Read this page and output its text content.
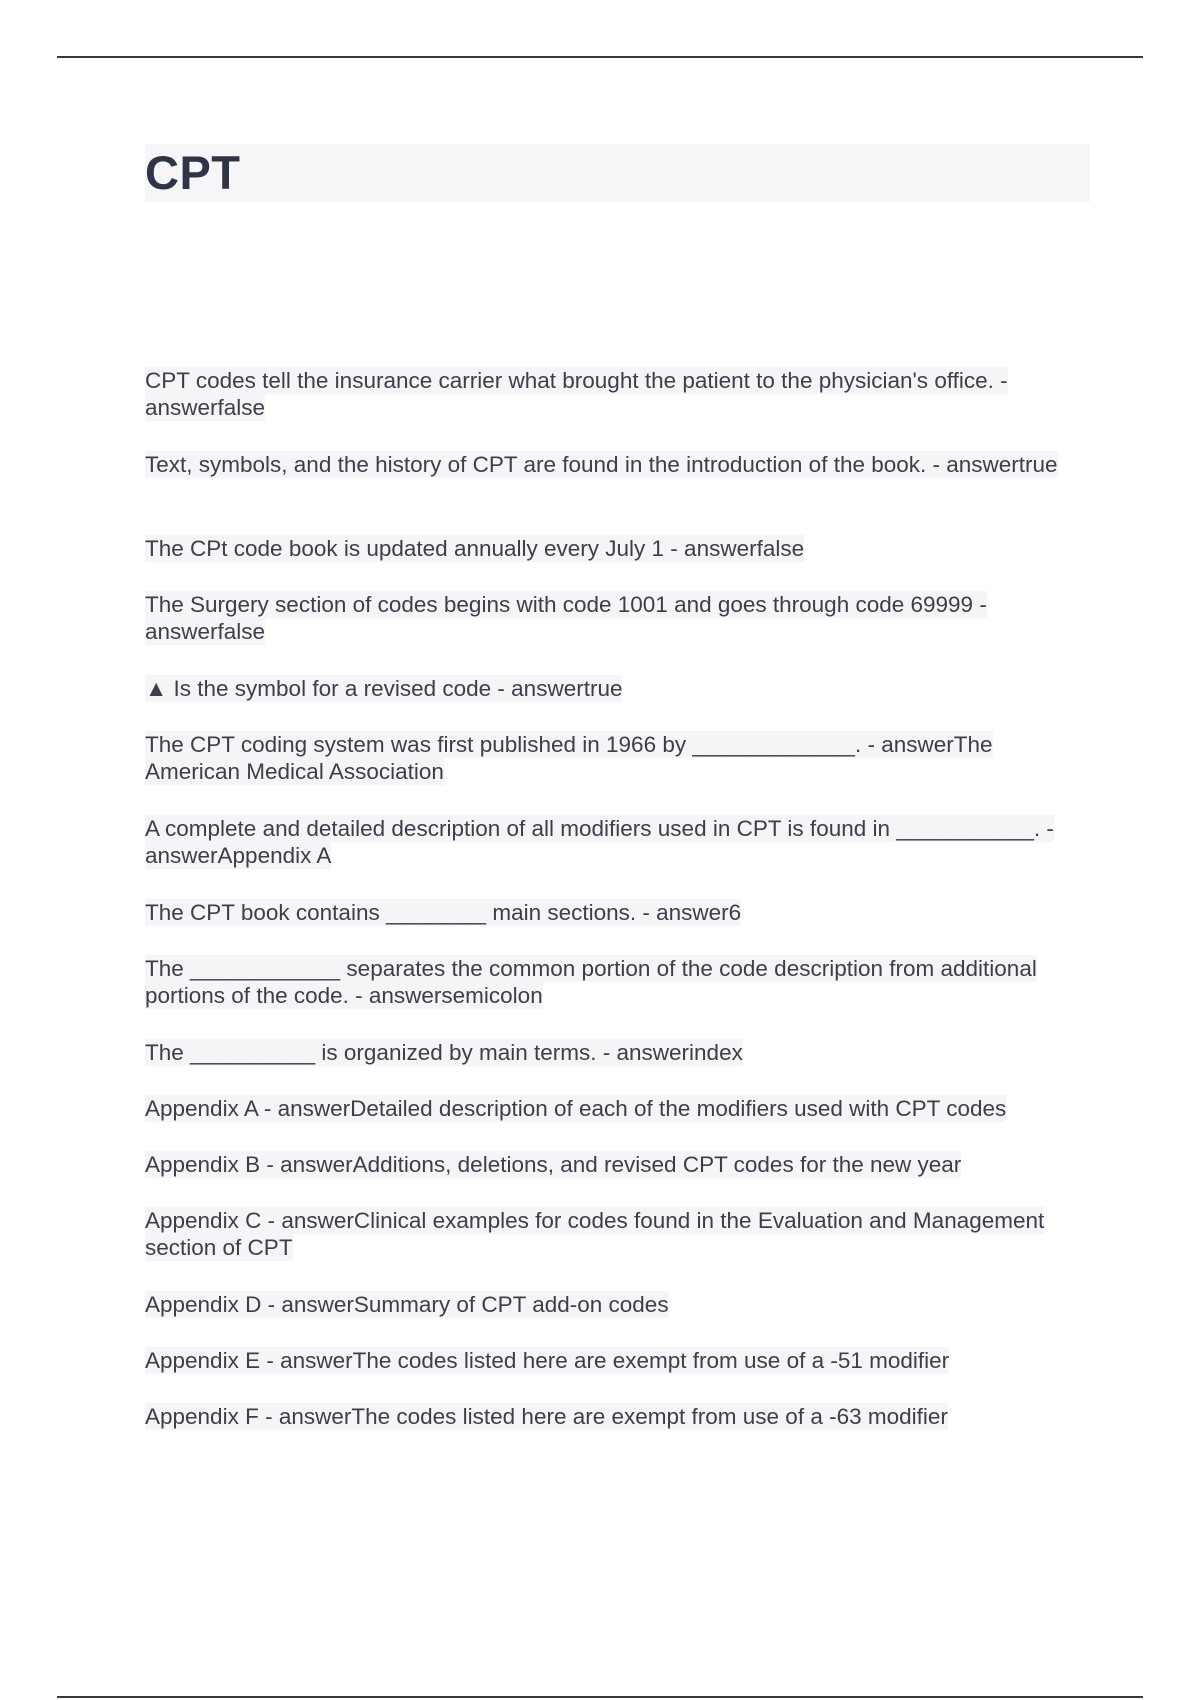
CPT
CPT codes tell the insurance carrier what brought the patient to the physician's office. - answerfalse
Text, symbols, and the history of CPT are found in the introduction of the book. - answertrue
The CPt code book is updated annually every July 1 - answerfalse
The Surgery section of codes begins with code 1001 and goes through code 69999 - answerfalse
▲ Is the symbol for a revised code - answertrue
The CPT coding system was first published in 1966 by _____________. - answerThe American Medical Association
A complete and detailed description of all modifiers used in CPT is found in ___________. - answerAppendix A
The CPT book contains ________ main sections. - answer6
The ____________ separates the common portion of the code description from additional portions of the code. - answersemicolon
The __________ is organized by main terms. - answerindex
Appendix A - answerDetailed description of each of the modifiers used with CPT codes
Appendix B - answerAdditions, deletions, and revised CPT codes for the new year
Appendix C - answerClinical examples for codes found in the Evaluation and Management section of CPT
Appendix D - answerSummary of CPT add-on codes
Appendix E - answerThe codes listed here are exempt from use of a -51 modifier
Appendix F - answerThe codes listed here are exempt from use of a -63 modifier
